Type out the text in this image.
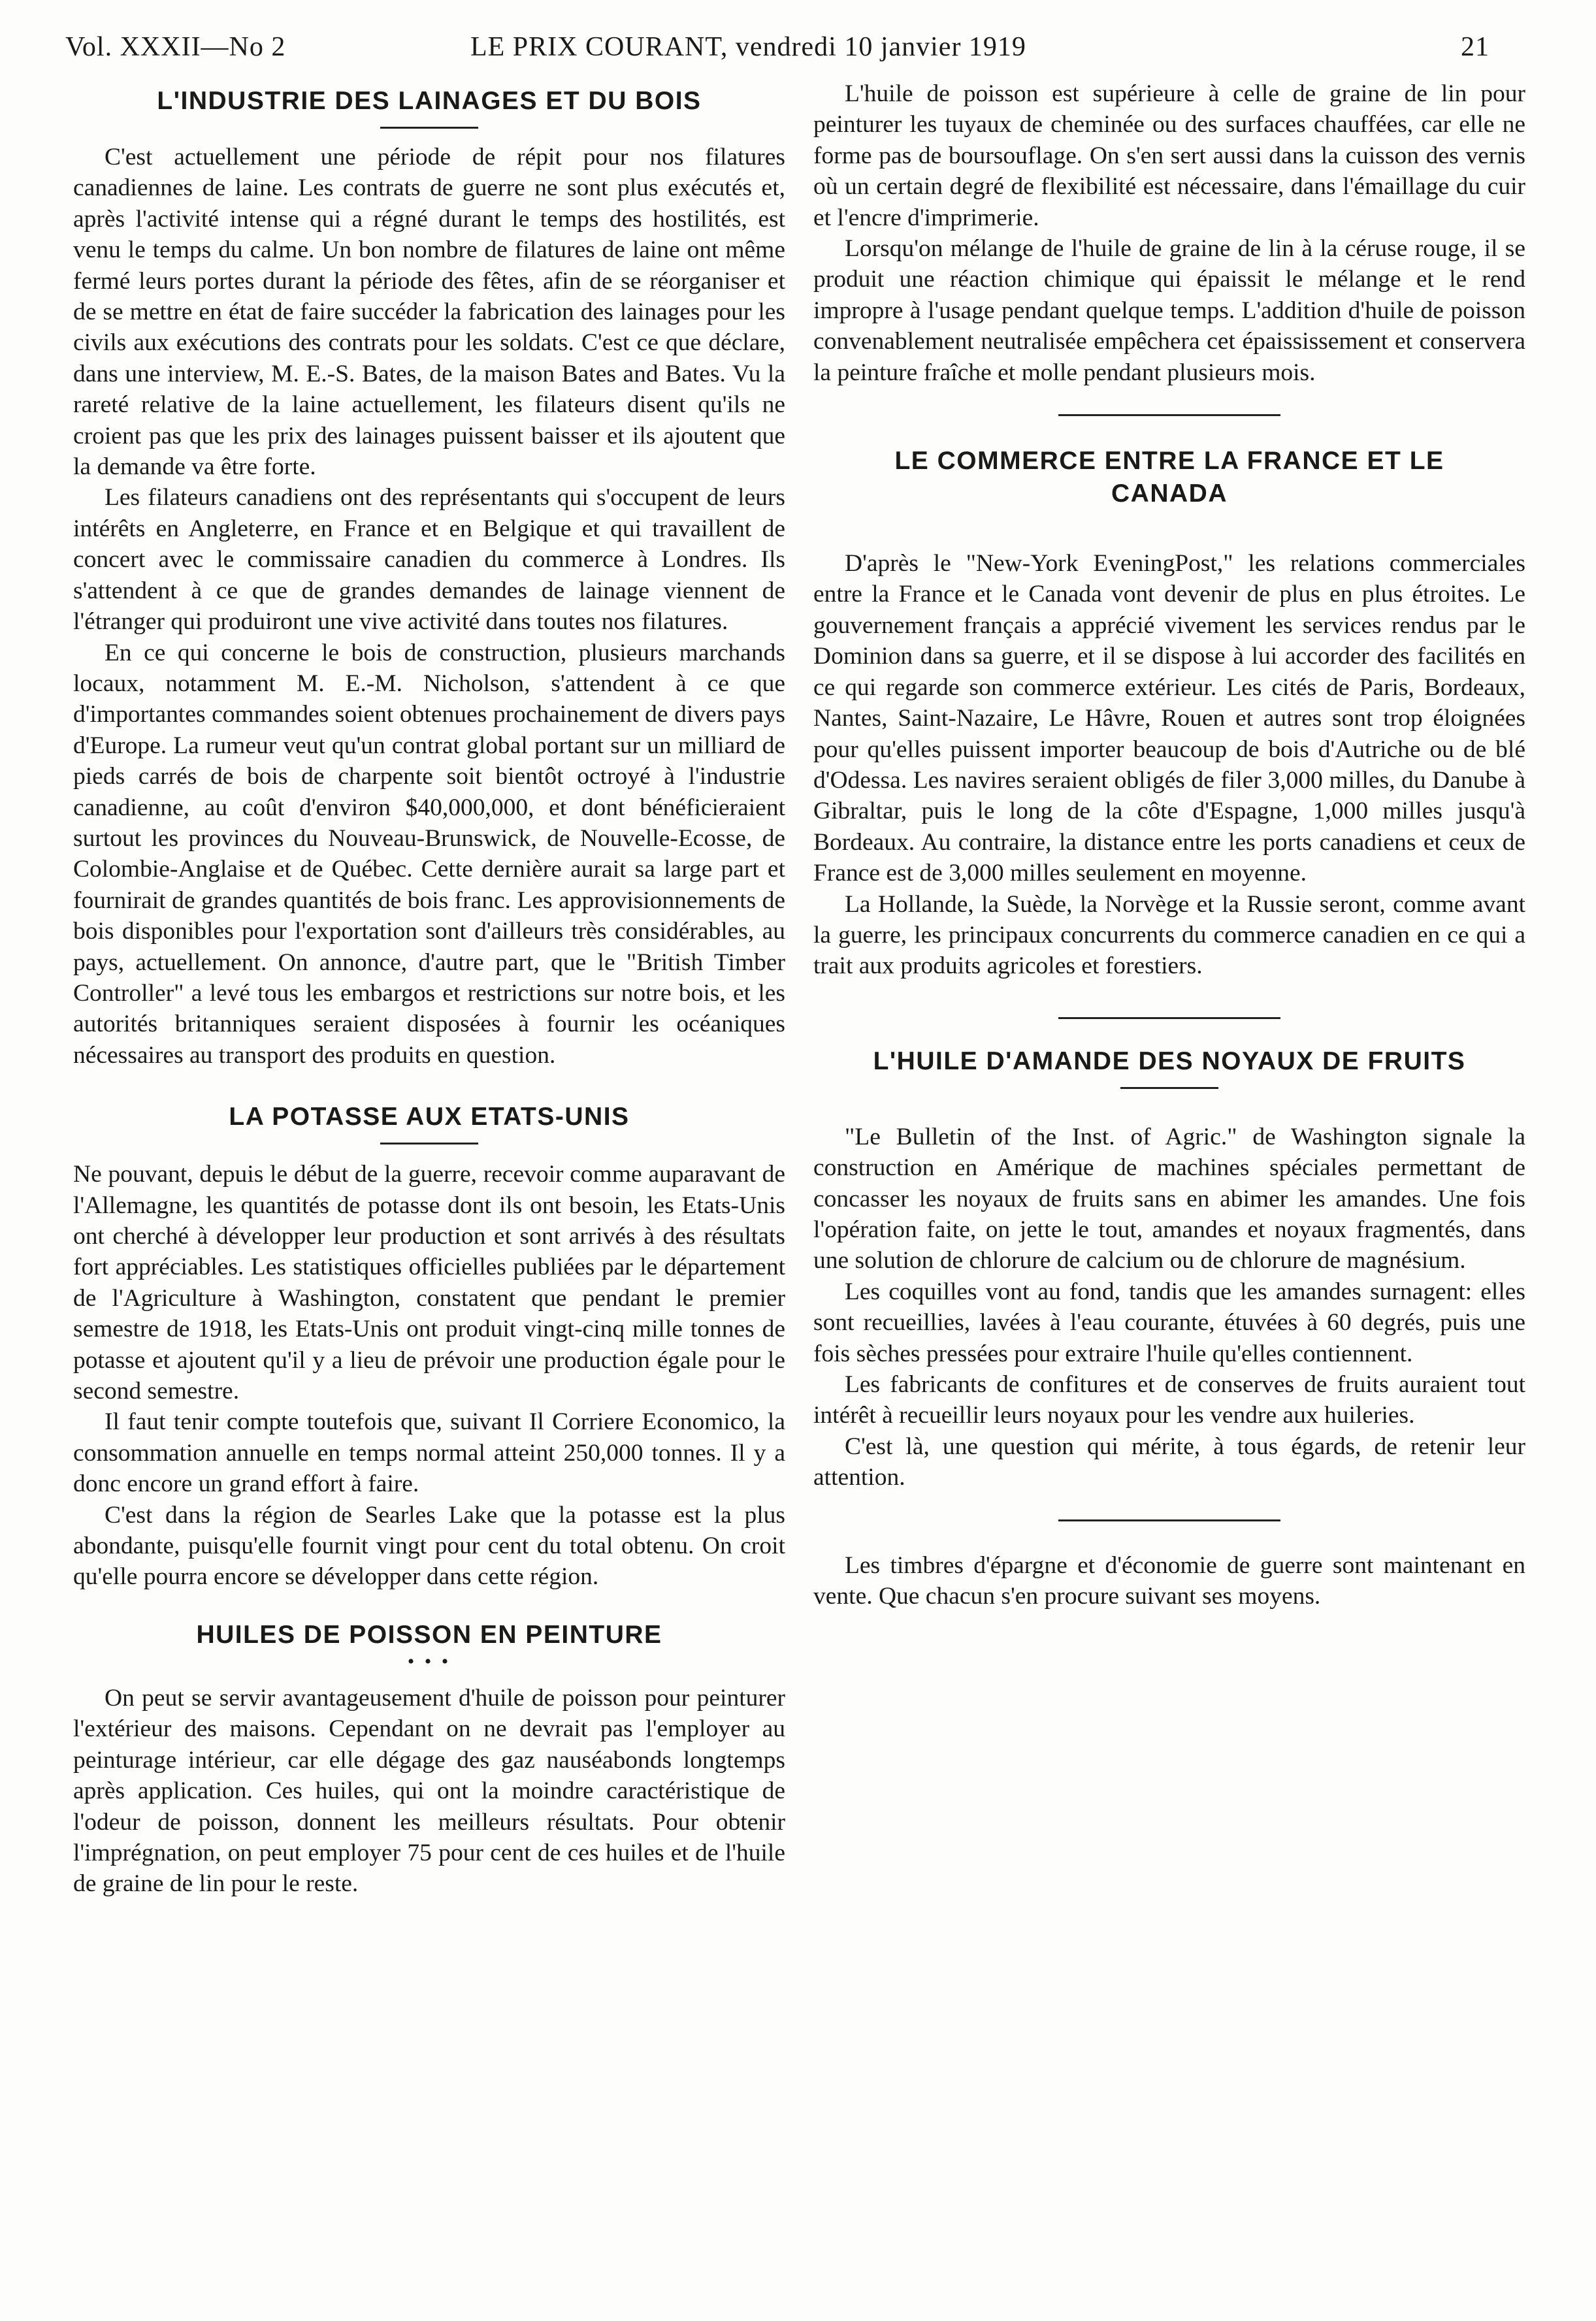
Vol. XXXII—No 2	LE PRIX COURANT, vendredi 10 janvier 1919	21
L'INDUSTRIE DES LAINAGES ET DU BOIS

C'est actuellement une période de répit pour nos filatures canadiennes de laine. Les contrats de guerre ne sont plus exécutés et, après l'activité intense qui a régné durant le temps des hostilités, est venu le temps du calme. Un bon nombre de filatures de laine ont même fermé leurs portes durant la période des fêtes, afin de se réorganiser et de se mettre en état de faire succéder la fabrication des lainages pour les civils aux exécutions des contrats pour les soldats. C'est ce que déclare, dans une interview, M. E.-S. Bates, de la maison Bates and Bates. Vu la rareté relative de la laine actuellement, les filateurs disent qu'ils ne croient pas que les prix des lainages puissent baisser et ils ajoutent que la demande va être forte.

Les filateurs canadiens ont des représentants qui s'occupent de leurs intérêts en Angleterre, en France et en Belgique et qui travaillent de concert avec le commissaire canadien du commerce à Londres. Ils s'attendent à ce que de grandes demandes de lainage viennent de l'étranger qui produiront une vive activité dans toutes nos filatures.

En ce qui concerne le bois de construction, plusieurs marchands locaux, notamment M. E.-M. Nicholson, s'attendent à ce que d'importantes commandes soient obtenues prochainement de divers pays d'Europe. La rumeur veut qu'un contrat global portant sur un milliard de pieds carrés de bois de charpente soit bientôt octroyé à l'industrie canadienne, au coût d'environ $40,000,000, et dont bénéficieraient surtout les provinces du Nouveau-Brunswick, de Nouvelle-Ecosse, de Colombie-Anglaise et de Québec. Cette dernière aurait sa large part et fournirait de grandes quantités de bois franc. Les approvisionnements de bois disponibles pour l'exportation sont d'ailleurs très considérables, au pays, actuellement. On annonce, d'autre part, que le "British Timber Controller" a levé tous les embargos et restrictions sur notre bois, et les autorités britanniques seraient disposées à fournir les océaniques nécessaires au transport des produits en question.

LA POTASSE AUX ETATS-UNIS

Ne pouvant, depuis le début de la guerre, recevoir comme auparavant de l'Allemagne, les quantités de potasse dont ils ont besoin, les Etats-Unis ont cherché à développer leur production et sont arrivés à des résultats fort appréciables. Les statistiques officielles publiées par le département de l'Agriculture à Washington, constatent que pendant le premier semestre de 1918, les Etats-Unis ont produit vingt-cinq mille tonnes de potasse et ajoutent qu'il y a lieu de prévoir une production égale pour le second semestre.

Il faut tenir compte toutefois que, suivant Il Corriere Economico, la consommation annuelle en temps normal atteint 250,000 tonnes. Il y a donc encore un grand effort à faire.

C'est dans la région de Searles Lake que la potasse est la plus abondante, puisqu'elle fournit vingt pour cent du total obtenu. On croit qu'elle pourra encore se développer dans cette région.

HUILES DE POISSON EN PEINTURE
• • •

On peut se servir avantageusement d'huile de poisson pour peinturer l'extérieur des maisons. Cependant on ne devrait pas l'employer au peinturage intérieur, car elle dégage des gaz nauséabonds longtemps après application. Ces huiles, qui ont la moindre caractéristique de l'odeur de poisson, donnent les meilleurs résultats. Pour obtenir l'imprégnation, on peut employer 75 pour cent de ces huiles et de l'huile de graine de lin pour le reste.

L'huile de poisson est supérieure à celle de graine de lin pour peinturer les tuyaux de cheminée ou des surfaces chauffées, car elle ne forme pas de boursouflage. On s'en sert aussi dans la cuisson des vernis où un certain degré de flexibilité est nécessaire, dans l'émaillage du cuir et l'encre d'imprimerie.

Lorsqu'on mélange de l'huile de graine de lin à la céruse rouge, il se produit une réaction chimique qui épaissit le mélange et le rend impropre à l'usage pendant quelque temps. L'addition d'huile de poisson convenablement neutralisée empêchera cet épaississement et conservera la peinture fraîche et molle pendant plusieurs mois.

LE COMMERCE ENTRE LA FRANCE ET LE CANADA

D'après le "New-York EveningPost," les relations commerciales entre la France et le Canada vont devenir de plus en plus étroites. Le gouvernement français a apprécié vivement les services rendus par le Dominion dans sa guerre, et il se dispose à lui accorder des facilités en ce qui regarde son commerce extérieur. Les cités de Paris, Bordeaux, Nantes, Saint-Nazaire, Le Hâvre, Rouen et autres sont trop éloignées pour qu'elles puissent importer beaucoup de bois d'Autriche ou de blé d'Odessa. Les navires seraient obligés de filer 3,000 milles, du Danube à Gibraltar, puis le long de la côte d'Espagne, 1,000 milles jusqu'à Bordeaux. Au contraire, la distance entre les ports canadiens et ceux de France est de 3,000 milles seulement en moyenne.

La Hollande, la Suède, la Norvège et la Russie seront, comme avant la guerre, les principaux concurrents du commerce canadien en ce qui a trait aux produits agricoles et forestiers.

L'HUILE D'AMANDE DES NOYAUX DE FRUITS

"Le Bulletin of the Inst. of Agric." de Washington signale la construction en Amérique de machines spéciales permettant de concasser les noyaux de fruits sans en abimer les amandes. Une fois l'opération faite, on jette le tout, amandes et noyaux fragmentés, dans une solution de chlorure de calcium ou de chlorure de magnésium.

Les coquilles vont au fond, tandis que les amandes surnagent: elles sont recueillies, lavées à l'eau courante, étuvées à 60 degrés, puis une fois sèches pressées pour extraire l'huile qu'elles contiennent.

Les fabricants de confitures et de conserves de fruits auraient tout intérêt à recueillir leurs noyaux pour les vendre aux huileries.

C'est là, une question qui mérite, à tous égards, de retenir leur attention.

Les timbres d'épargne et d'économie de guerre sont maintenant en vente. Que chacun s'en procure suivant ses moyens.
